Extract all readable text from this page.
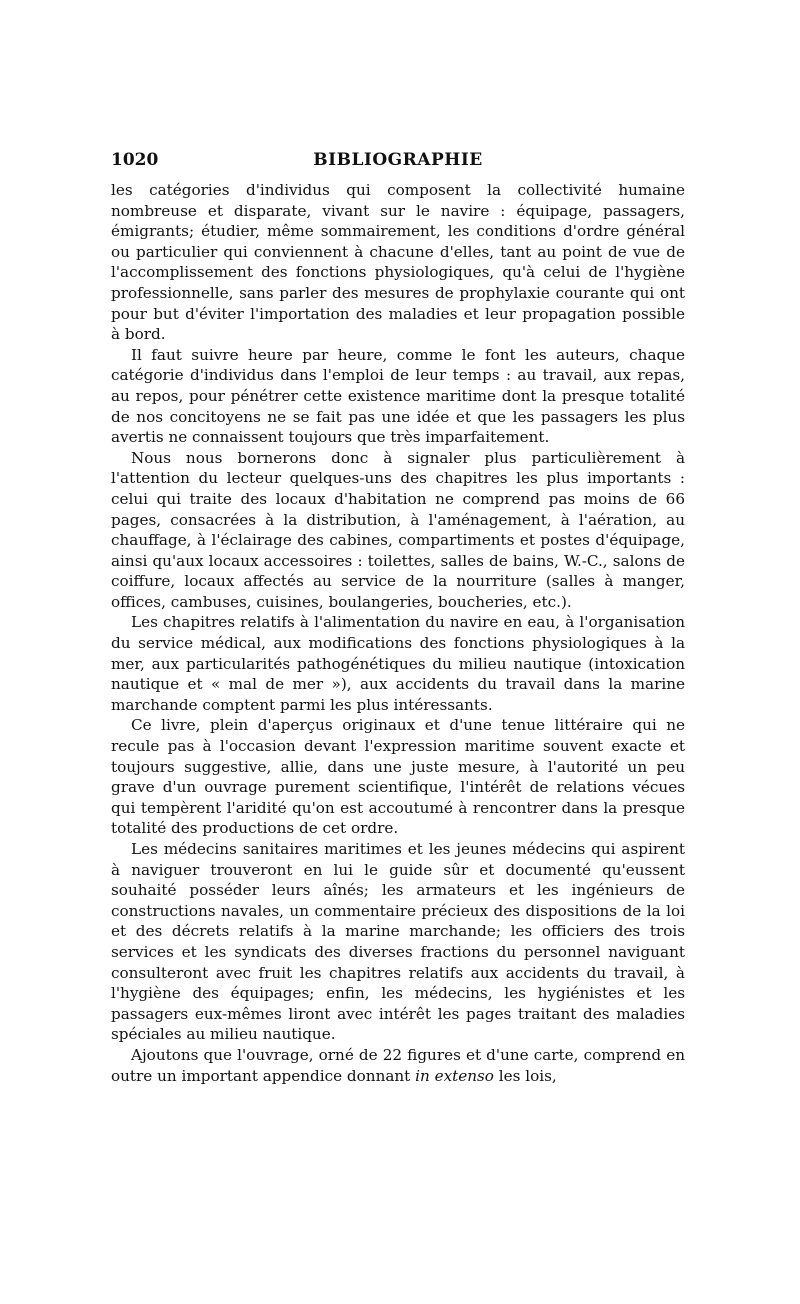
1020	BIBLIOGRAPHIE

les catégories d'individus qui composent la collectivité humaine nombreuse et disparate, vivant sur le navire : équipage, passagers, émigrants; étudier, même sommairement, les conditions d'ordre général ou particulier qui conviennent à chacune d'elles, tant au point de vue de l'accomplissement des fonctions physiologiques, qu'à celui de l'hygiène professionnelle, sans parler des mesures de prophylaxie courante qui ont pour but d'éviter l'importation des maladies et leur propagation possible à bord.

Il faut suivre heure par heure, comme le font les auteurs, chaque catégorie d'individus dans l'emploi de leur temps : au travail, aux repas, au repos, pour pénétrer cette existence maritime dont la presque totalité de nos concitoyens ne se fait pas une idée et que les passagers les plus avertis ne connaissent toujours que très imparfaitement.

Nous nous bornerons donc à signaler plus particulièrement à l'attention du lecteur quelques-uns des chapitres les plus importants : celui qui traite des locaux d'habitation ne comprend pas moins de 66 pages, consacrées à la distribution, à l'aménagement, à l'aération, au chauffage, à l'éclairage des cabines, compartiments et postes d'équipage, ainsi qu'aux locaux accessoires : toilettes, salles de bains, W.-C., salons de coiffure, locaux affectés au service de la nourriture (salles à manger, offices, cambuses, cuisines, boulangeries, boucheries, etc.).

Les chapitres relatifs à l'alimentation du navire en eau, à l'organisation du service médical, aux modifications des fonctions physiologiques à la mer, aux particularités pathogénétiques du milieu nautique (intoxication nautique et « mal de mer »), aux accidents du travail dans la marine marchande comptent parmi les plus intéressants.

Ce livre, plein d'aperçus originaux et d'une tenue littéraire qui ne recule pas à l'occasion devant l'expression maritime souvent exacte et toujours suggestive, allie, dans une juste mesure, à l'autorité un peu grave d'un ouvrage purement scientifique, l'intérêt de relations vécues qui tempèrent l'aridité qu'on est accoutumé à rencontrer dans la presque totalité des productions de cet ordre.

Les médecins sanitaires maritimes et les jeunes médecins qui aspirent à naviguer trouveront en lui le guide sûr et documenté qu'eussent souhaité posséder leurs aînés; les armateurs et les ingénieurs de constructions navales, un commentaire précieux des dispositions de la loi et des décrets relatifs à la marine marchande; les officiers des trois services et les syndicats des diverses fractions du personnel naviguant consulteront avec fruit les chapitres relatifs aux accidents du travail, à l'hygiène des équipages; enfin, les médecins, les hygiénistes et les passagers eux-mêmes liront avec intérêt les pages traitant des maladies spéciales au milieu nautique.

Ajoutons que l'ouvrage, orné de 22 figures et d'une carte, comprend en outre un important appendice donnant in extenso les lois,
